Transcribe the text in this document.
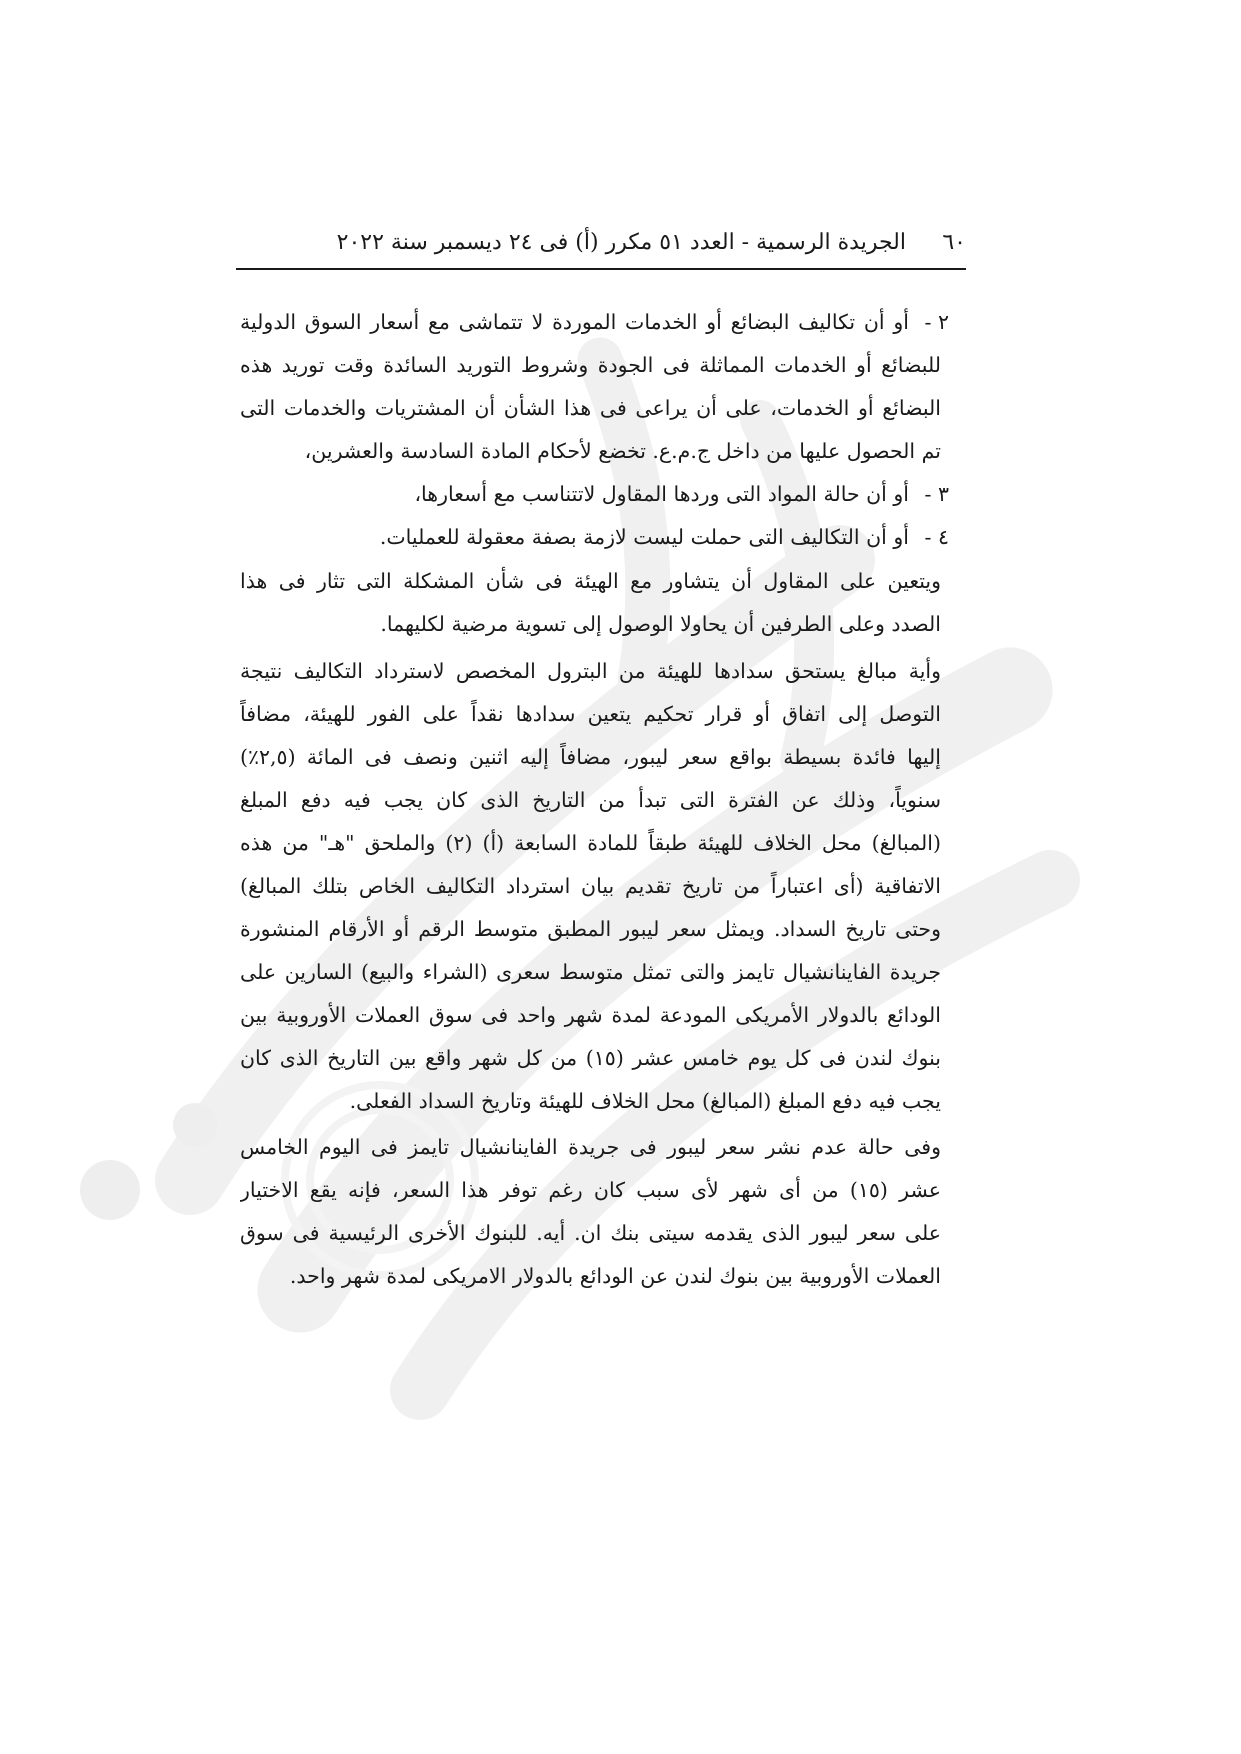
٦٠
الجريدة الرسمية - العدد ٥١ مكرر (أ) فى ٢٤ ديسمبر سنة ٢٠٢٢
٢ -
أو أن تكاليف البضائع أو الخدمات الموردة لا تتماشى مع أسعار السوق الدولية
للبضائع أو الخدمات المماثلة فى الجودة وشروط التوريد السائدة وقت توريد هذه
البضائع أو الخدمات، على أن يراعى فى هذا الشأن أن المشتريات والخدمات التى
تم الحصول عليها من داخل ج.م.ع. تخضع لأحكام المادة السادسة والعشرين،
٣ -
أو أن حالة المواد التى وردها المقاول لاتتناسب مع أسعارها،
٤ -
أو أن التكاليف التى حملت ليست لازمة بصفة معقولة للعمليات.
ويتعين على المقاول أن يتشاور مع الهيئة فى شأن المشكلة التى تثار فى هذا
الصدد وعلى الطرفين أن يحاولا الوصول إلى تسوية مرضية لكليهما.
وأية مبالغ يستحق سدادها للهيئة من البترول المخصص لاسترداد التكاليف نتيجة
التوصل إلى اتفاق أو قرار تحكيم يتعين سدادها نقداً على الفور للهيئة، مضافاً
إليها فائدة بسيطة بواقع سعر ليبور، مضافاً إليه اثنين ونصف فى المائة (٢,٥٪)
سنوياً، وذلك عن الفترة التى تبدأ من التاريخ الذى كان يجب فيه دفع المبلغ
(المبالغ) محل الخلاف للهيئة طبقاً للمادة السابعة (أ) (٢) والملحق "هـ" من هذه
الاتفاقية (أى اعتباراً من تاريخ تقديم بيان استرداد التكاليف الخاص بتلك المبالغ)
وحتى تاريخ السداد. ويمثل سعر ليبور المطبق متوسط الرقم أو الأرقام المنشورة
جريدة الفاينانشيال تايمز والتى تمثل متوسط سعرى (الشراء والبيع) السارين على
الودائع بالدولار الأمريكى المودعة لمدة شهر واحد فى سوق العملات الأوروبية بين
بنوك لندن فى كل يوم خامس عشر (١٥) من كل شهر واقع بين التاريخ الذى كان
يجب فيه دفع المبلغ (المبالغ) محل الخلاف للهيئة وتاريخ السداد الفعلى.
وفى حالة عدم نشر سعر ليبور فى جريدة الفاينانشيال تايمز فى اليوم الخامس
عشر (١٥) من أى شهر لأى سبب كان رغم توفر هذا السعر، فإنه يقع الاختيار
على سعر ليبور الذى يقدمه سيتى بنك ان. أيه. للبنوك الأخرى الرئيسية فى سوق
العملات الأوروبية بين بنوك لندن عن الودائع بالدولار الامريكى لمدة شهر واحد.
